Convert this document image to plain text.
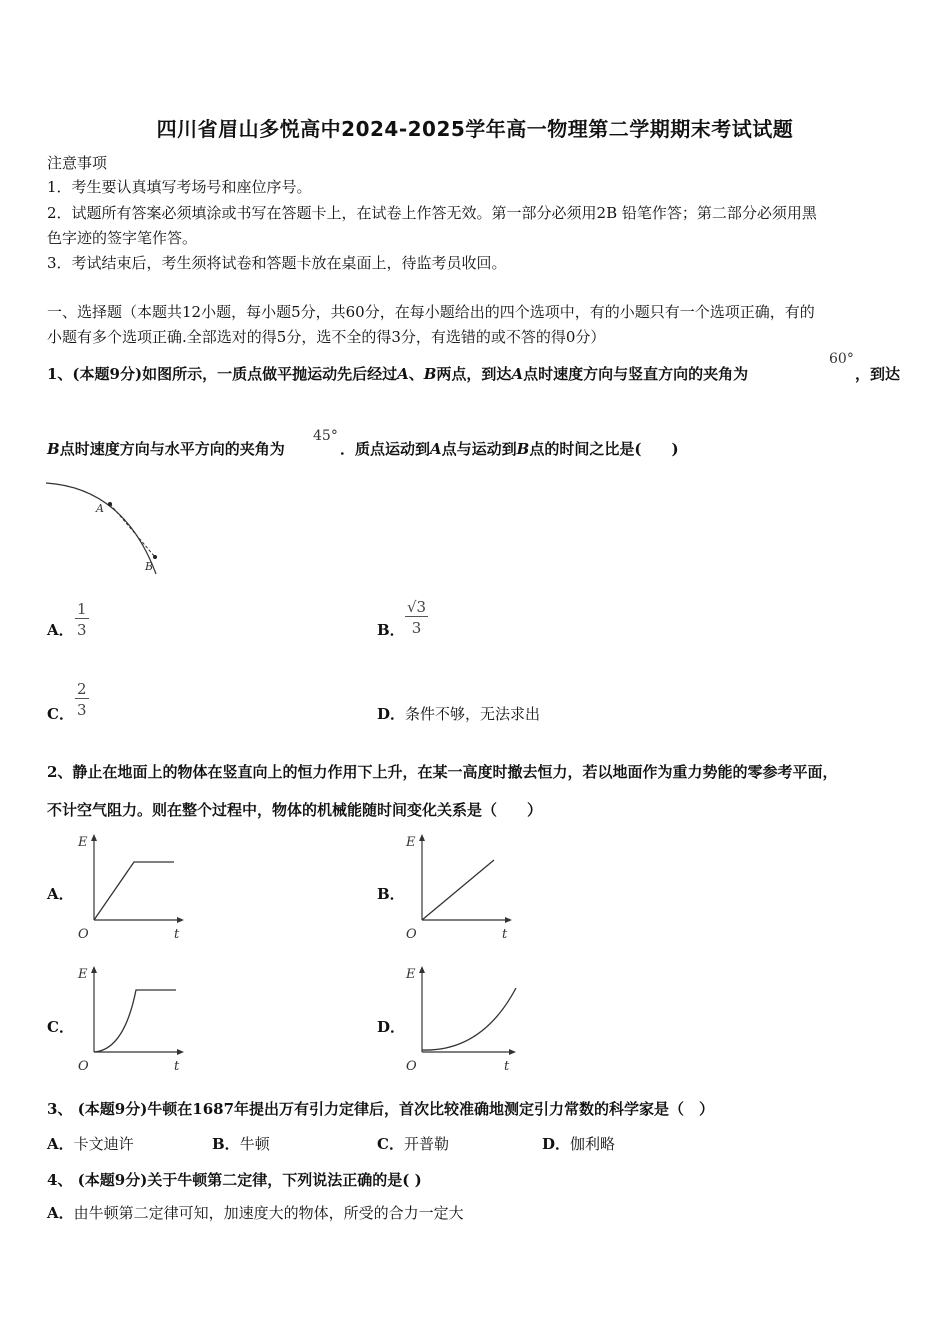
四川省眉山多悦高中2024-2025学年高一物理第二学期期末考试试题
注意事项
1．考生要认真填写考场号和座位序号。
2．试题所有答案必须填涂或书写在答题卡上，在试卷上作答无效。第一部分必须用2B 铅笔作答；第二部分必须用黑
色字迹的签字笔作答。
3．考试结束后，考生须将试卷和答题卡放在桌面上，待监考员收回。
一、选择题（本题共12小题，每小题5分，共60分，在每小题给出的四个选项中，有的小题只有一个选项正确，有的
小题有多个选项正确.全部选对的得5分，选不全的得3分，有选错的或不答的得0分）
1、(本题9分)如图所示，一质点做平抛运动先后经过A、B两点，到达A点时速度方向与竖直方向的夹角为
60°
，到达
B点时速度方向与水平方向的夹角为
45°
．质点运动到A点与运动到B点的时间之比是(　　)
A
B
A． $\frac{1}{3}$	B． $\frac{√3}{3}$
C． $\frac{2}{3}$	D．条件不够，无法求出
2、静止在地面上的物体在竖直向上的恒力作用下上升，在某一高度时撤去恒力，若以地面作为重力势能的零参考平面，
不计空气阻力。则在整个过程中，物体的机械能随时间变化关系是（　　）
A．
E
O	t
B．
E
O	t
C．
E
O	t
D．
E
O	t
3、 (本题9分)牛顿在1687年提出万有引力定律后，首次比较准确地测定引力常数的科学家是（　）
A．卡文迪许	B．牛顿	C．开普勒	D．伽利略
4、 (本题9分)关于牛顿第二定律，下列说法正确的是( )
A．由牛顿第二定律可知，加速度大的物体，所受的合力一定大
